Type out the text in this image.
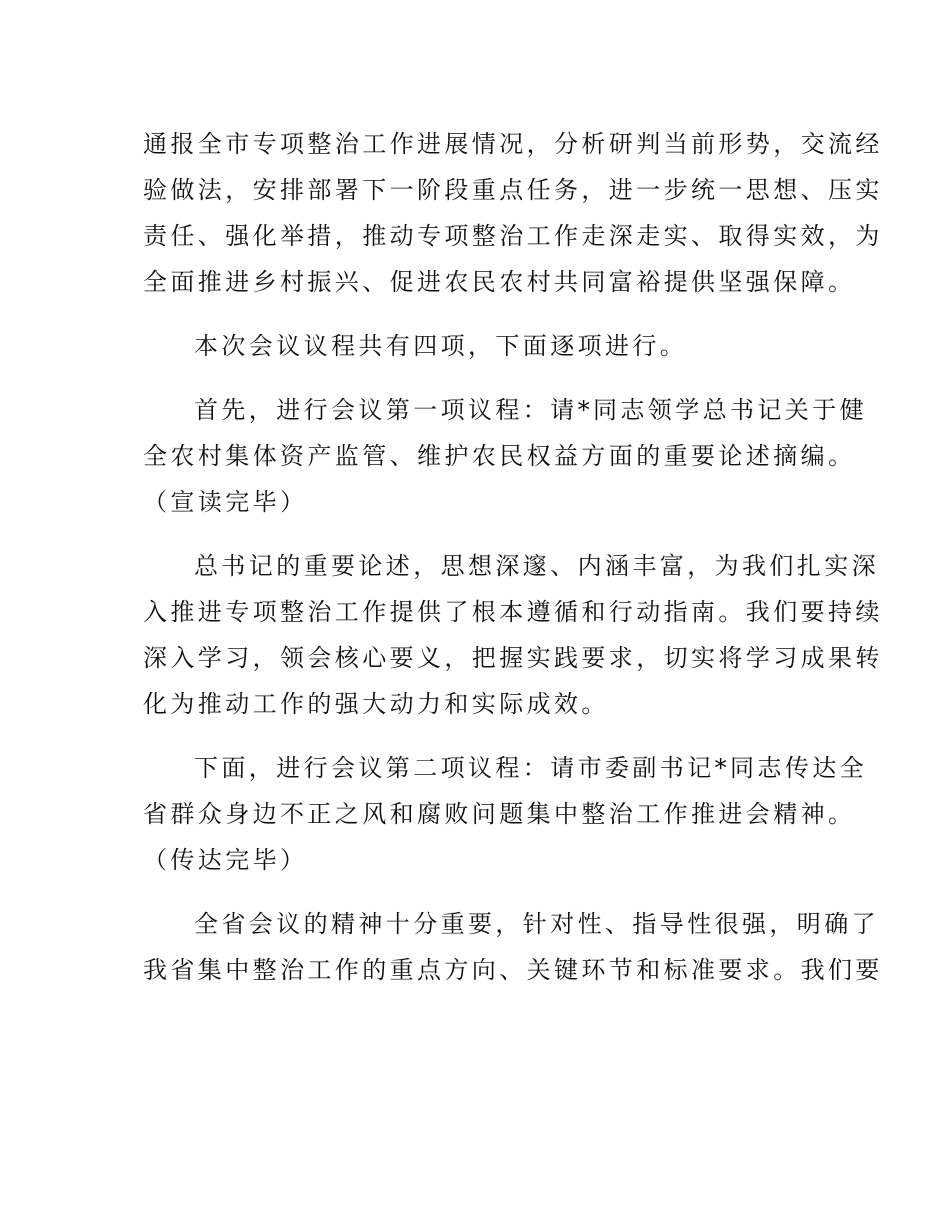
通报全市专项整治工作进展情况，分析研判当前形势，交流经
验做法，安排部署下一阶段重点任务，进一步统一思想、压实
责任、强化举措，推动专项整治工作走深走实、取得实效，为
全面推进乡村振兴、促进农民农村共同富裕提供坚强保障。
本次会议议程共有四项，下面逐项进行。
首先，进行会议第一项议程：请*同志领学总书记关于健
全农村集体资产监管、维护农民权益方面的重要论述摘编。
（宣读完毕）
总书记的重要论述，思想深邃、内涵丰富，为我们扎实深
入推进专项整治工作提供了根本遵循和行动指南。我们要持续
深入学习，领会核心要义，把握实践要求，切实将学习成果转
化为推动工作的强大动力和实际成效。
下面，进行会议第二项议程：请市委副书记*同志传达全
省群众身边不正之风和腐败问题集中整治工作推进会精神。
（传达完毕）
全省会议的精神十分重要，针对性、指导性很强，明确了
我省集中整治工作的重点方向、关键环节和标准要求。我们要
